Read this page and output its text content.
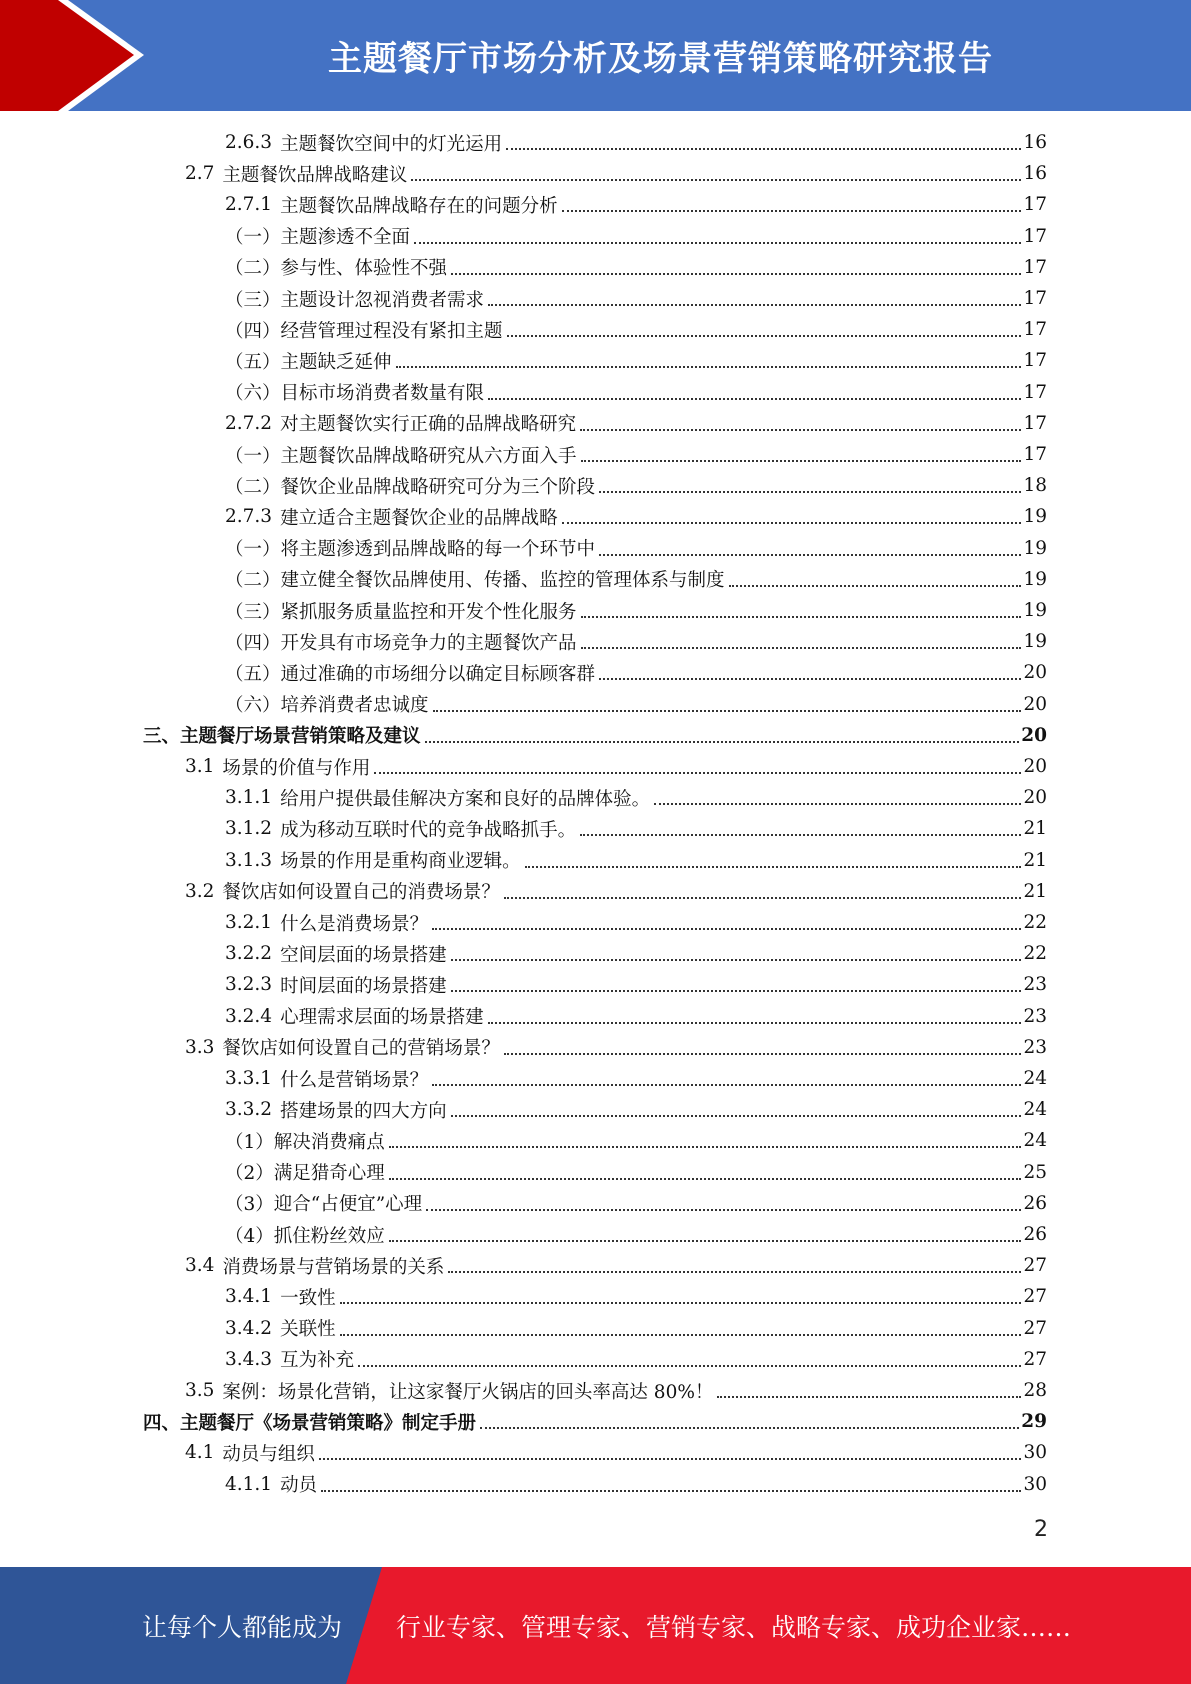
主题餐厅市场分析及场景营销策略研究报告
2.6.3 主题餐饮空间中的灯光运用	16
2.7 主题餐饮品牌战略建议	16
2.7.1 主题餐饮品牌战略存在的问题分析	17
（一）主题渗透不全面	17
（二）参与性、体验性不强	17
（三）主题设计忽视消费者需求	17
（四）经营管理过程没有紧扣主题	17
（五）主题缺乏延伸	17
（六）目标市场消费者数量有限	17
2.7.2 对主题餐饮实行正确的品牌战略研究	17
（一）主题餐饮品牌战略研究从六方面入手	17
（二）餐饮企业品牌战略研究可分为三个阶段	18
2.7.3 建立适合主题餐饮企业的品牌战略	19
（一）将主题渗透到品牌战略的每一个环节中	19
（二）建立健全餐饮品牌使用、传播、监控的管理体系与制度	19
（三）紧抓服务质量监控和开发个性化服务	19
（四）开发具有市场竞争力的主题餐饮产品	19
（五）通过准确的市场细分以确定目标顾客群	20
（六）培养消费者忠诚度	20
三、主题餐厅场景营销策略及建议	20
3.1 场景的价值与作用	20
3.1.1 给用户提供最佳解决方案和良好的品牌体验。	20
3.1.2 成为移动互联时代的竞争战略抓手。	21
3.1.3 场景的作用是重构商业逻辑。	21
3.2 餐饮店如何设置自己的消费场景？	21
3.2.1 什么是消费场景？	22
3.2.2 空间层面的场景搭建	22
3.2.3 时间层面的场景搭建	23
3.2.4 心理需求层面的场景搭建	23
3.3 餐饮店如何设置自己的营销场景？	23
3.3.1 什么是营销场景？	24
3.3.2 搭建场景的四大方向	24
（1）解决消费痛点	24
（2）满足猎奇心理	25
（3）迎合“占便宜”心理	26
（4）抓住粉丝效应	26
3.4 消费场景与营销场景的关系	27
3.4.1 一致性	27
3.4.2 关联性	27
3.4.3 互为补充	27
3.5 案例：场景化营销，让这家餐厅火锅店的回头率高达 80%！	28
四、主题餐厅《场景营销策略》制定手册	29
4.1 动员与组织	30
4.1.1 动员	30
2
让每个人都能成为 行业专家、管理专家、营销专家、战略专家、成功企业家……
